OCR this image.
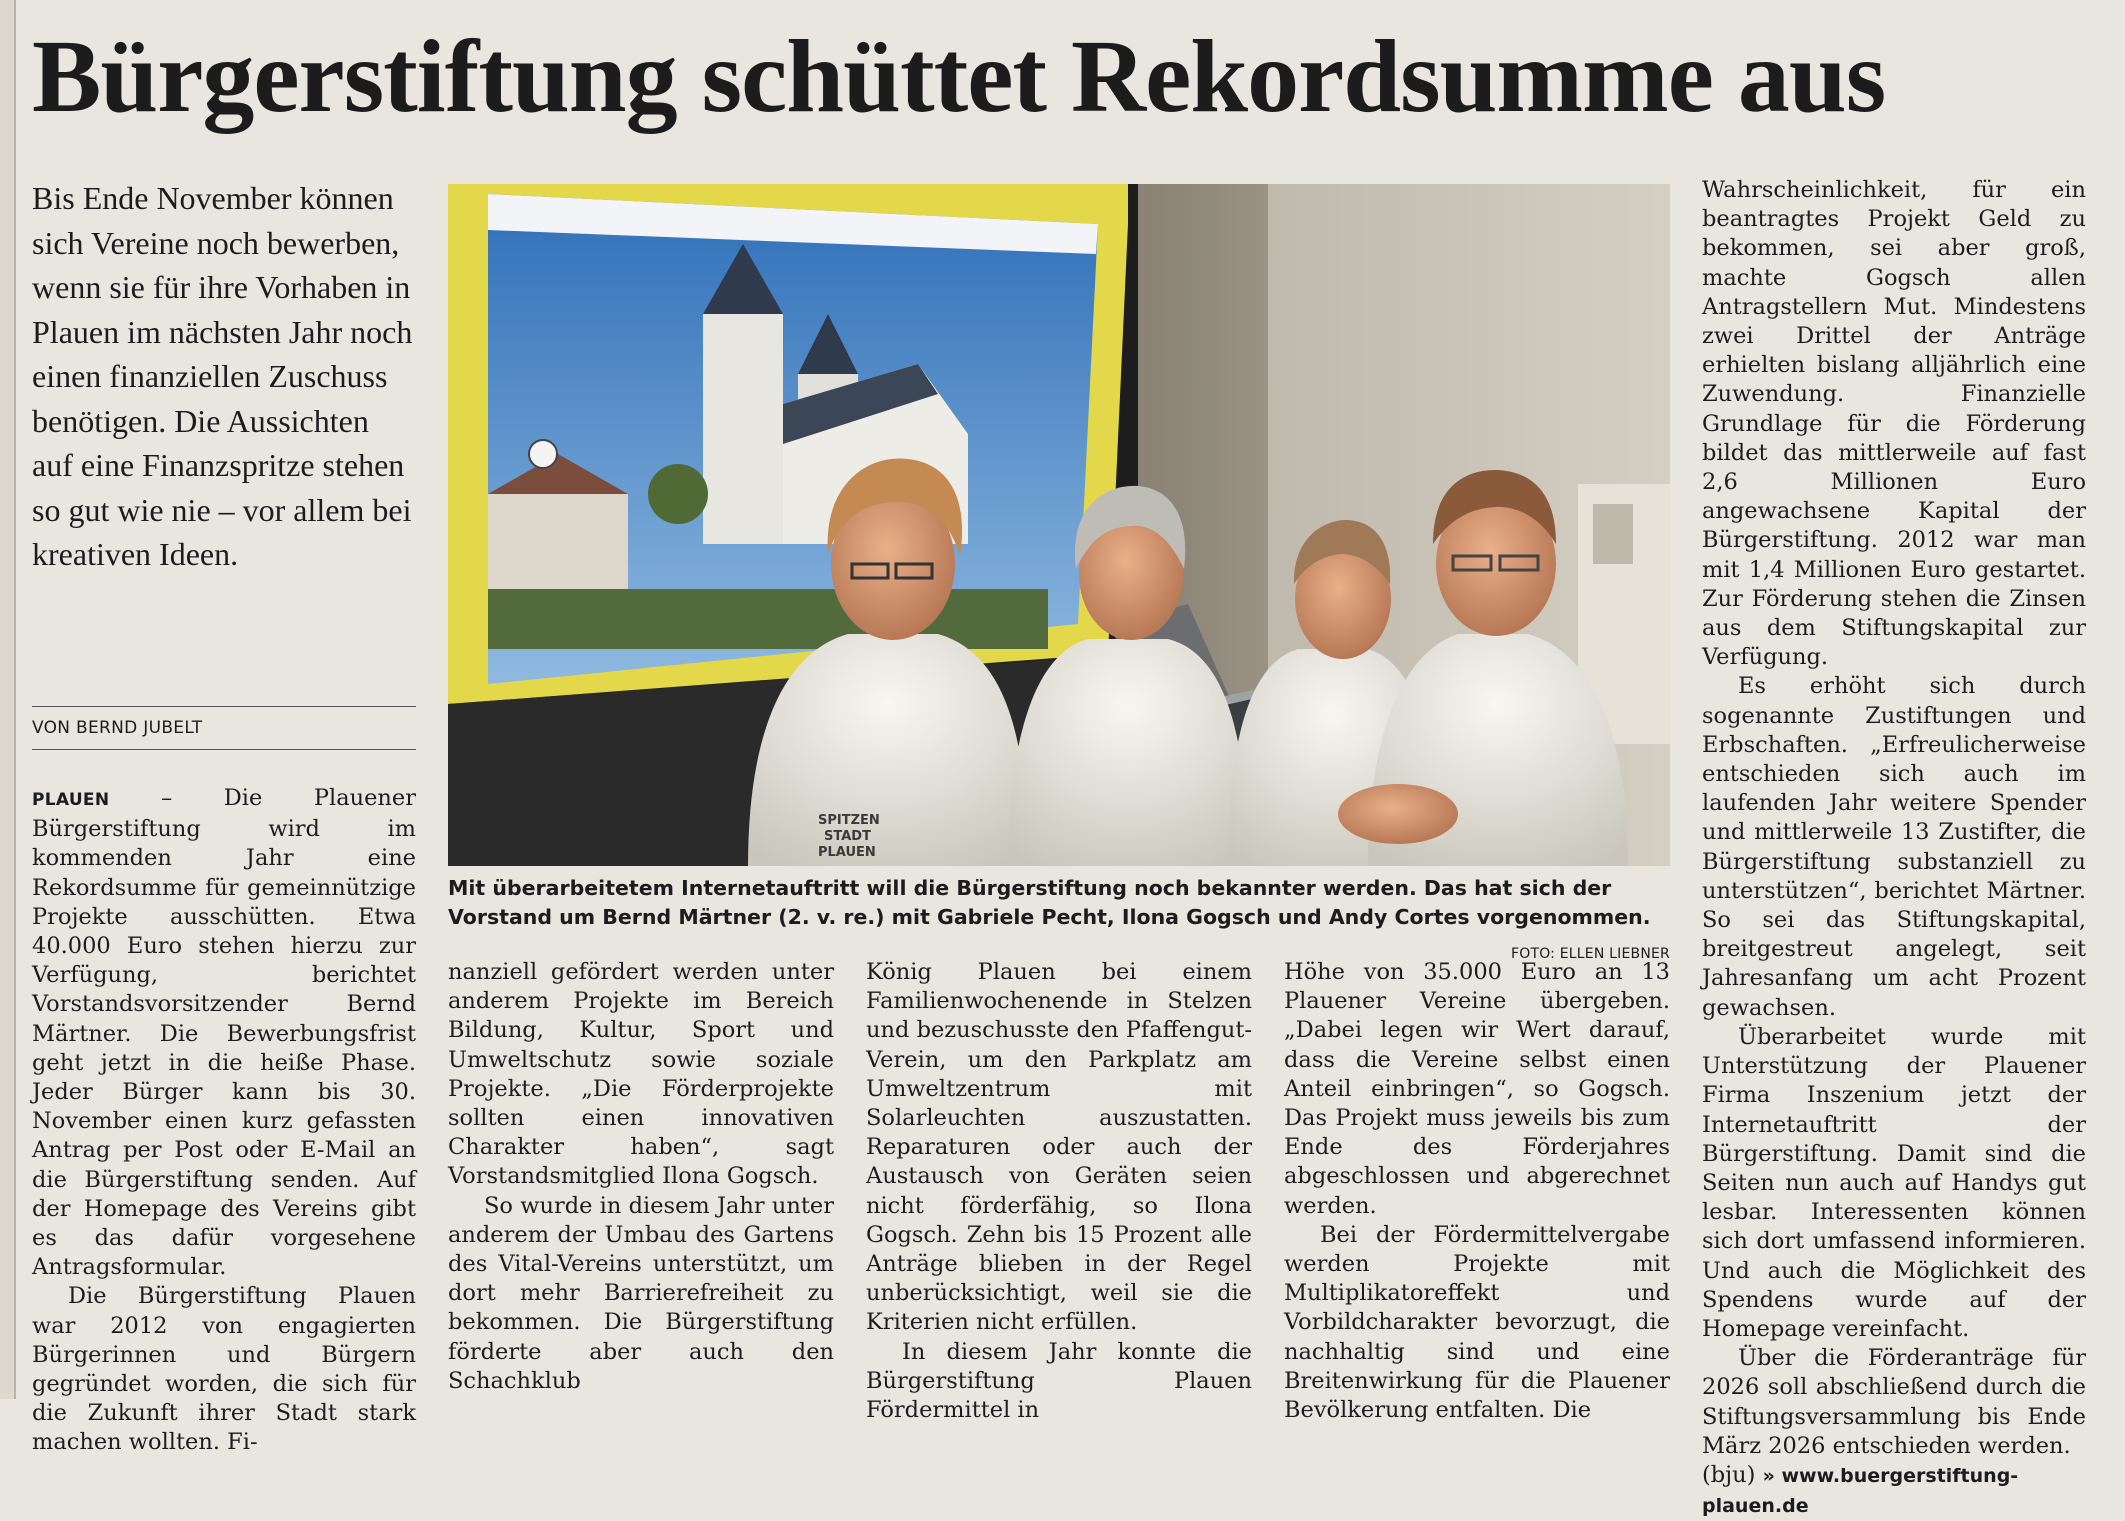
Bürgerstiftung schüttet Rekordsumme aus
Bis Ende November können sich Vereine noch bewerben, wenn sie für ihre Vorhaben in Plauen im nächsten Jahr noch einen finanziellen Zuschuss benötigen. Die Aussichten auf eine Finanzspritze stehen so gut wie nie – vor allem bei kreativen Ideen.
VON BERND JUBELT

PLAUEN – Die Plauener Bürgerstiftung wird im kommenden Jahr eine Rekordsumme für gemeinnützige Projekte ausschütten. Etwa 40.000 Euro stehen hierzu zur Verfügung, berichtet Vorstandsvorsitzender Bernd Märtner. Die Bewerbungsfrist geht jetzt in die heiße Phase. Jeder Bürger kann bis 30. November einen kurz gefassten Antrag per Post oder E-Mail an die Bürgerstiftung senden. Auf der Homepage des Vereins gibt es das dafür vorgesehene Antragsformular.

Die Bürgerstiftung Plauen war 2012 von engagierten Bürgerinnen und Bürgern gegründet worden, die sich für die Zukunft ihrer Stadt stark machen wollten. Fi-

nanziell gefördert werden unter anderem Projekte im Bereich Bildung, Kultur, Sport und Umweltschutz sowie soziale Projekte. „Die Förderprojekte sollten einen innovativen Charakter haben“, sagt Vorstandsmitglied Ilona Gogsch.

So wurde in diesem Jahr unter anderem der Umbau des Gartens des Vital-Vereins unterstützt, um dort mehr Barrierefreiheit zu bekommen. Die Bürgerstiftung förderte aber auch den Schachklub

König Plauen bei einem Familienwochenende in Stelzen und bezuschusste den Pfaffengut-Verein, um den Parkplatz am Umweltzentrum mit Solarleuchten auszustatten. Reparaturen oder auch der Austausch von Geräten seien nicht förderfähig, so Ilona Gogsch. Zehn bis 15 Prozent alle Anträge blieben in der Regel unberücksichtigt, weil sie die Kriterien nicht erfüllen.

In diesem Jahr konnte die Bürgerstiftung Plauen Fördermittel in

Höhe von 35.000 Euro an 13 Plauener Vereine übergeben. „Dabei legen wir Wert darauf, dass die Vereine selbst einen Anteil einbringen“, so Gogsch. Das Projekt muss jeweils bis zum Ende des Förderjahres abgeschlossen und abgerechnet werden.

Bei der Fördermittelvergabe werden Projekte mit Multiplikatoreffekt und Vorbildcharakter bevorzugt, die nachhaltig sind und eine Breitenwirkung für die Plauener Bevölkerung entfalten. Die

Wahrscheinlichkeit, für ein beantragtes Projekt Geld zu bekommen, sei aber groß, machte Gogsch allen Antragstellern Mut. Mindestens zwei Drittel der Anträge erhielten bislang alljährlich eine Zuwendung. Finanzielle Grundlage für die Förderung bildet das mittlerweile auf fast 2,6 Millionen Euro angewachsene Kapital der Bürgerstiftung. 2012 war man mit 1,4 Millionen Euro gestartet. Zur Förderung stehen die Zinsen aus dem Stiftungskapital zur Verfügung.

Es erhöht sich durch sogenannte Zustiftungen und Erbschaften. „Erfreulicherweise entschieden sich auch im laufenden Jahr weitere Spender und mittlerweile 13 Zustifter, die Bürgerstiftung substanziell zu unterstützen“, berichtet Märtner. So sei das Stiftungskapital, breitgestreut angelegt, seit Jahresanfang um acht Prozent gewachsen.

Überarbeitet wurde mit Unterstützung der Plauener Firma Inszenium jetzt der Internetauftritt der Bürgerstiftung. Damit sind die Seiten nun auch auf Handys gut lesbar. Interessenten können sich dort umfassend informieren. Und auch die Möglichkeit des Spendens wurde auf der Homepage vereinfacht.

Über die Förderanträge für 2026 soll abschließend durch die Stiftungsversammlung bis Ende März 2026 entschieden werden.

(bju) » www.buergerstiftung-plauen.de

SPITZEN
STADT
PLAUEN
Mit überarbeitetem Internetauftritt will die Bürgerstiftung noch bekannter werden. Das hat sich der Vorstand um Bernd Märtner (2. v. re.) mit Gabriele Pecht, Ilona Gogsch und Andy Cortes vorgenommen.
FOTO: ELLEN LIEBNER
